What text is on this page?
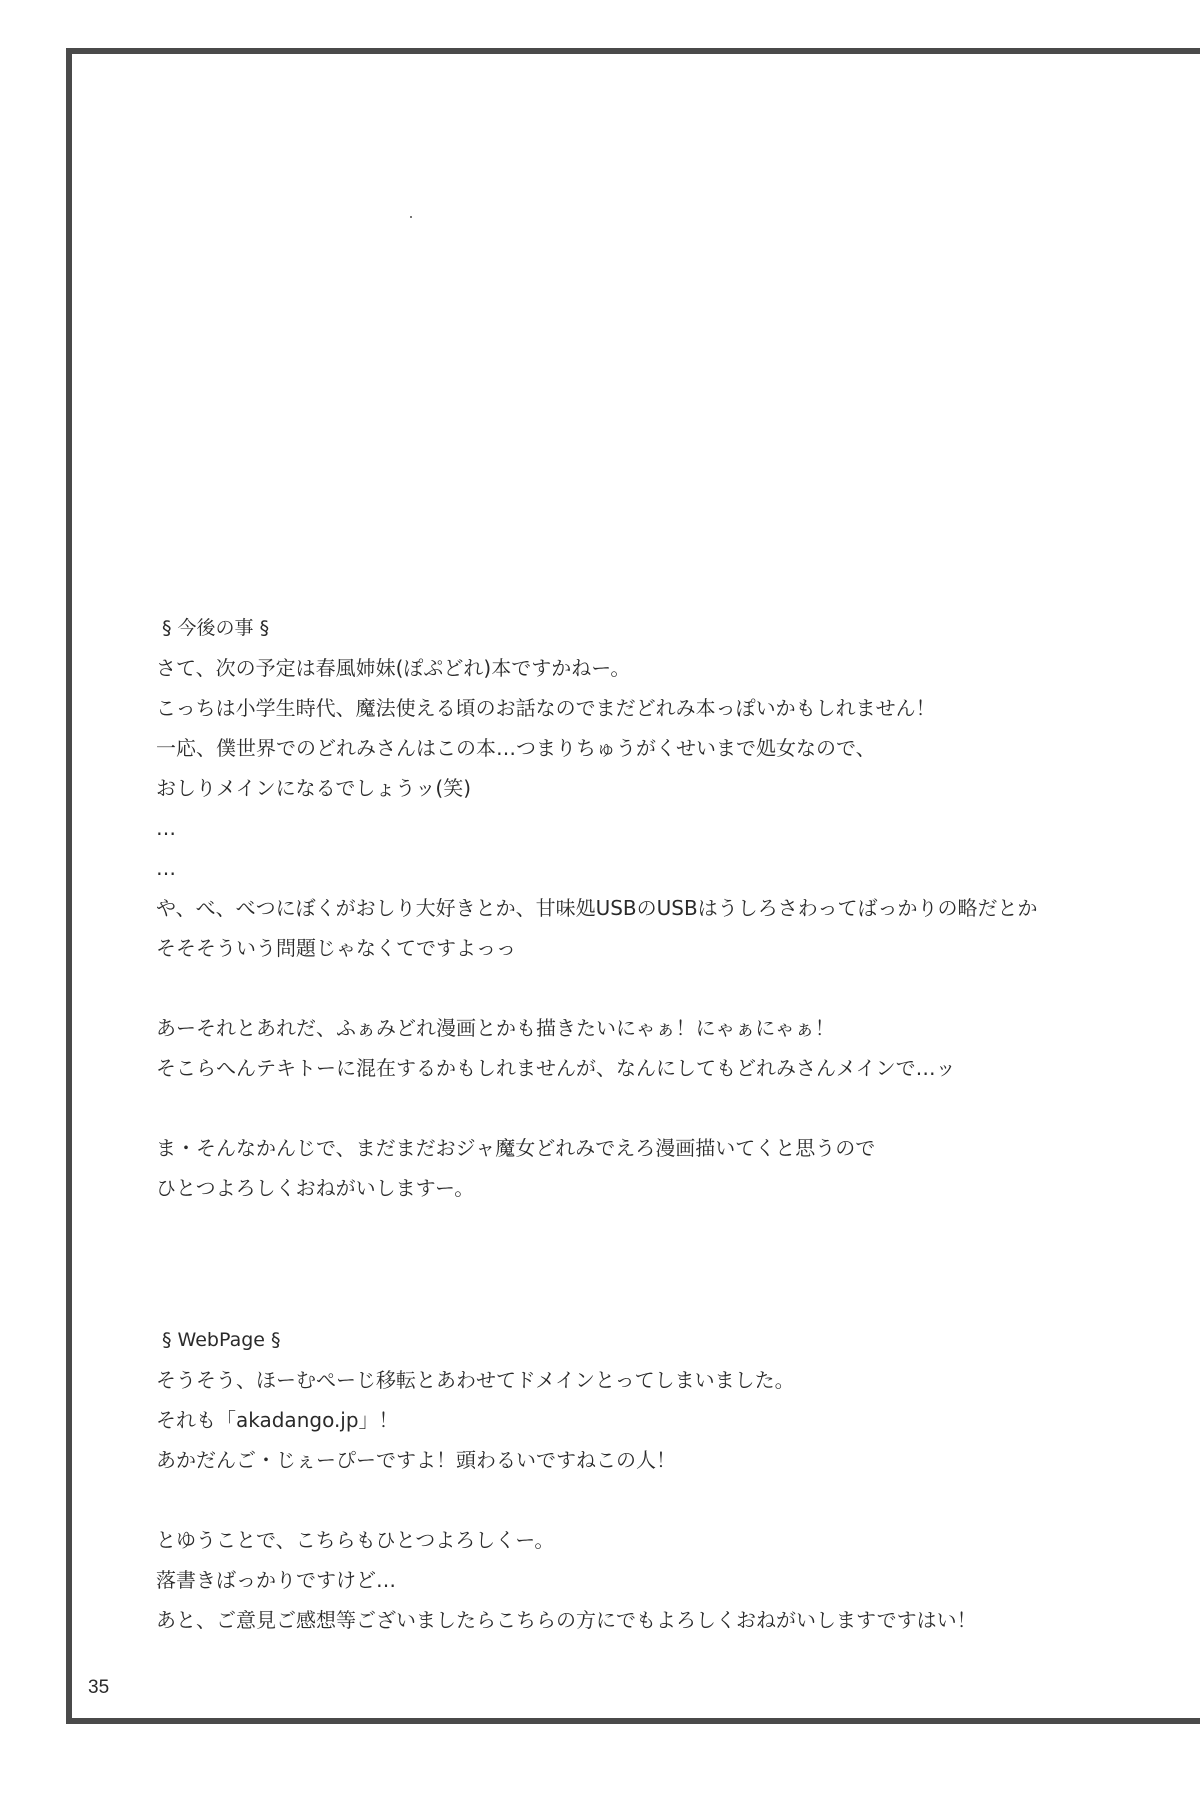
§ 今後の事 §
さて、次の予定は春風姉妹(ぽぷどれ)本ですかねー。
こっちは小学生時代、魔法使える頃のお話なのでまだどれみ本っぽいかもしれません！
一応、僕世界でのどれみさんはこの本…つまりちゅうがくせいまで処女なので、
おしりメインになるでしょうッ(笑)
…
…
や、べ、べつにぼくがおしり大好きとか、甘味処USBのUSBはうしろさわってばっかりの略だとか
そそそういう問題じゃなくてですよっっ
あーそれとあれだ、ふぁみどれ漫画とかも描きたいにゃぁ！にゃぁにゃぁ！
そこらへんテキトーに混在するかもしれませんが、なんにしてもどれみさんメインで…ッ
ま・そんなかんじで、まだまだおジャ魔女どれみでえろ漫画描いてくと思うので
ひとつよろしくおねがいしますー。
§ WebPage §
そうそう、ほーむぺーじ移転とあわせてドメインとってしまいました。
それも「akadango.jp」！
あかだんご・じぇーぴーですよ！頭わるいですねこの人！
とゆうことで、こちらもひとつよろしくー。
落書きばっかりですけど…
あと、ご意見ご感想等ございましたらこちらの方にでもよろしくおねがいしますですはい！
35
